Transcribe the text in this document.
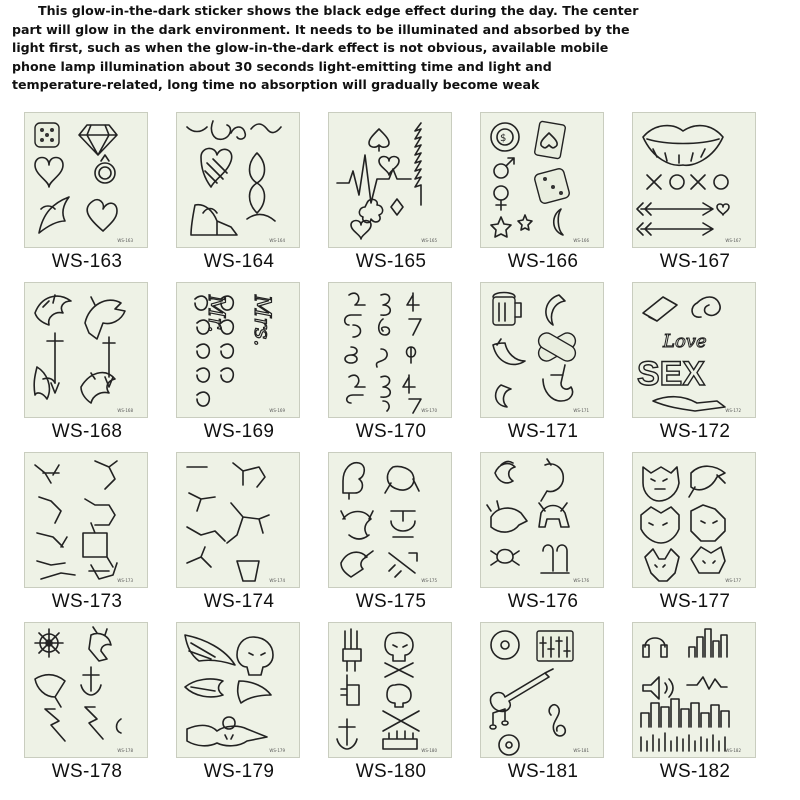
This glow-in-the-dark sticker shows the black edge effect during the day. The center
part will glow in the dark environment. It needs to be illuminated and absorbed by the
light first, such as when the glow-in-the-dark effect is not obvious, available mobile
phone lamp illumination about 30 seconds light-emitting time and light and
temperature-related, long time no absorption will gradually become weak
WS-163
WS-163
WS-164
WS-164
WS-165
WS-165
$
WS-166
WS-166
WS-167
WS-167
WS-168
WS-168
Mrs.
Mr.
WS-169
WS-169
WS-170
WS-170
WS-171
WS-171
Love
SEX
WS-172
WS-172
WS-173
WS-173
WS-174
WS-174
WS-175
WS-175
WS-176
WS-176
WS-177
WS-177
WS-178
WS-178
WS-179
WS-179
WS-180
WS-180
WS-181
WS-181
WS-182
WS-182
